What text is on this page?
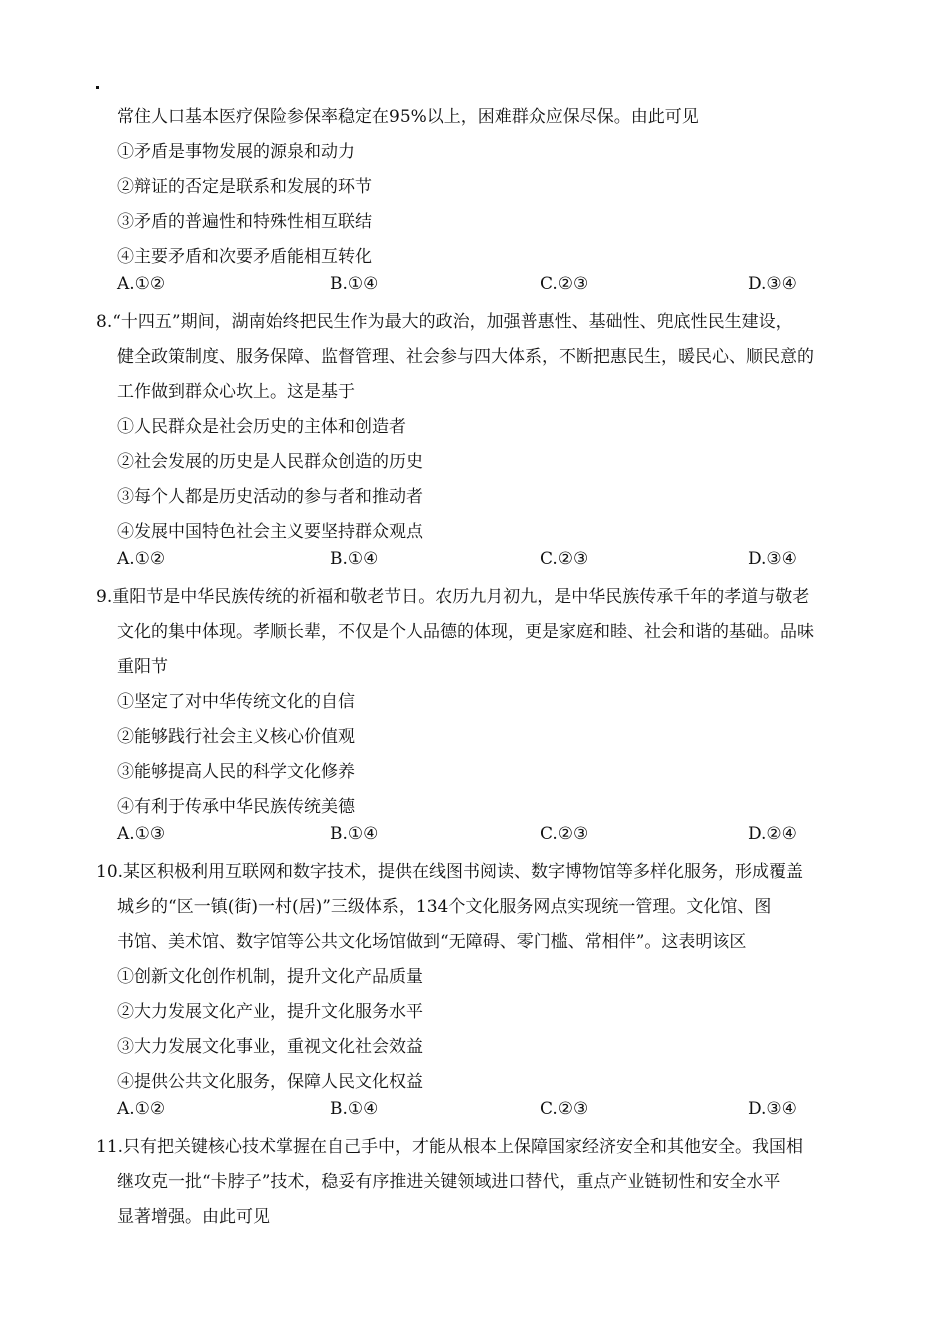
常住人口基本医疗保险参保率稳定在95%以上，困难群众应保尽保。由此可见
①矛盾是事物发展的源泉和动力
②辩证的否定是联系和发展的环节
③矛盾的普遍性和特殊性相互联结
④主要矛盾和次要矛盾能相互转化
A.①②	B.①④	C.②③	D.③④
8.“十四五”期间，湖南始终把民生作为最大的政治，加强普惠性、基础性、兜底性民生建设，
健全政策制度、服务保障、监督管理、社会参与四大体系，不断把惠民生，暖民心、顺民意的
工作做到群众心坎上。这是基于
①人民群众是社会历史的主体和创造者
②社会发展的历史是人民群众创造的历史
③每个人都是历史活动的参与者和推动者
④发展中国特色社会主义要坚持群众观点
A.①②	B.①④	C.②③	D.③④
9.重阳节是中华民族传统的祈福和敬老节日。农历九月初九，是中华民族传承千年的孝道与敬老
文化的集中体现。孝顺长辈，不仅是个人品德的体现，更是家庭和睦、社会和谐的基础。品味
重阳节
①坚定了对中华传统文化的自信
②能够践行社会主义核心价值观
③能够提高人民的科学文化修养
④有利于传承中华民族传统美德
A.①③	B.①④	C.②③	D.②④
10.某区积极利用互联网和数字技术，提供在线图书阅读、数字博物馆等多样化服务，形成覆盖
城乡的“区一镇(街)一村(居)”三级体系，134个文化服务网点实现统一管理。文化馆、图
书馆、美术馆、数字馆等公共文化场馆做到“无障碍、零门槛、常相伴”。这表明该区
①创新文化创作机制，提升文化产品质量
②大力发展文化产业，提升文化服务水平
③大力发展文化事业，重视文化社会效益
④提供公共文化服务，保障人民文化权益
A.①②	B.①④	C.②③	D.③④
11.只有把关键核心技术掌握在自己手中，才能从根本上保障国家经济安全和其他安全。我国相
继攻克一批“卡脖子”技术，稳妥有序推进关键领域进口替代，重点产业链韧性和安全水平
显著增强。由此可见
